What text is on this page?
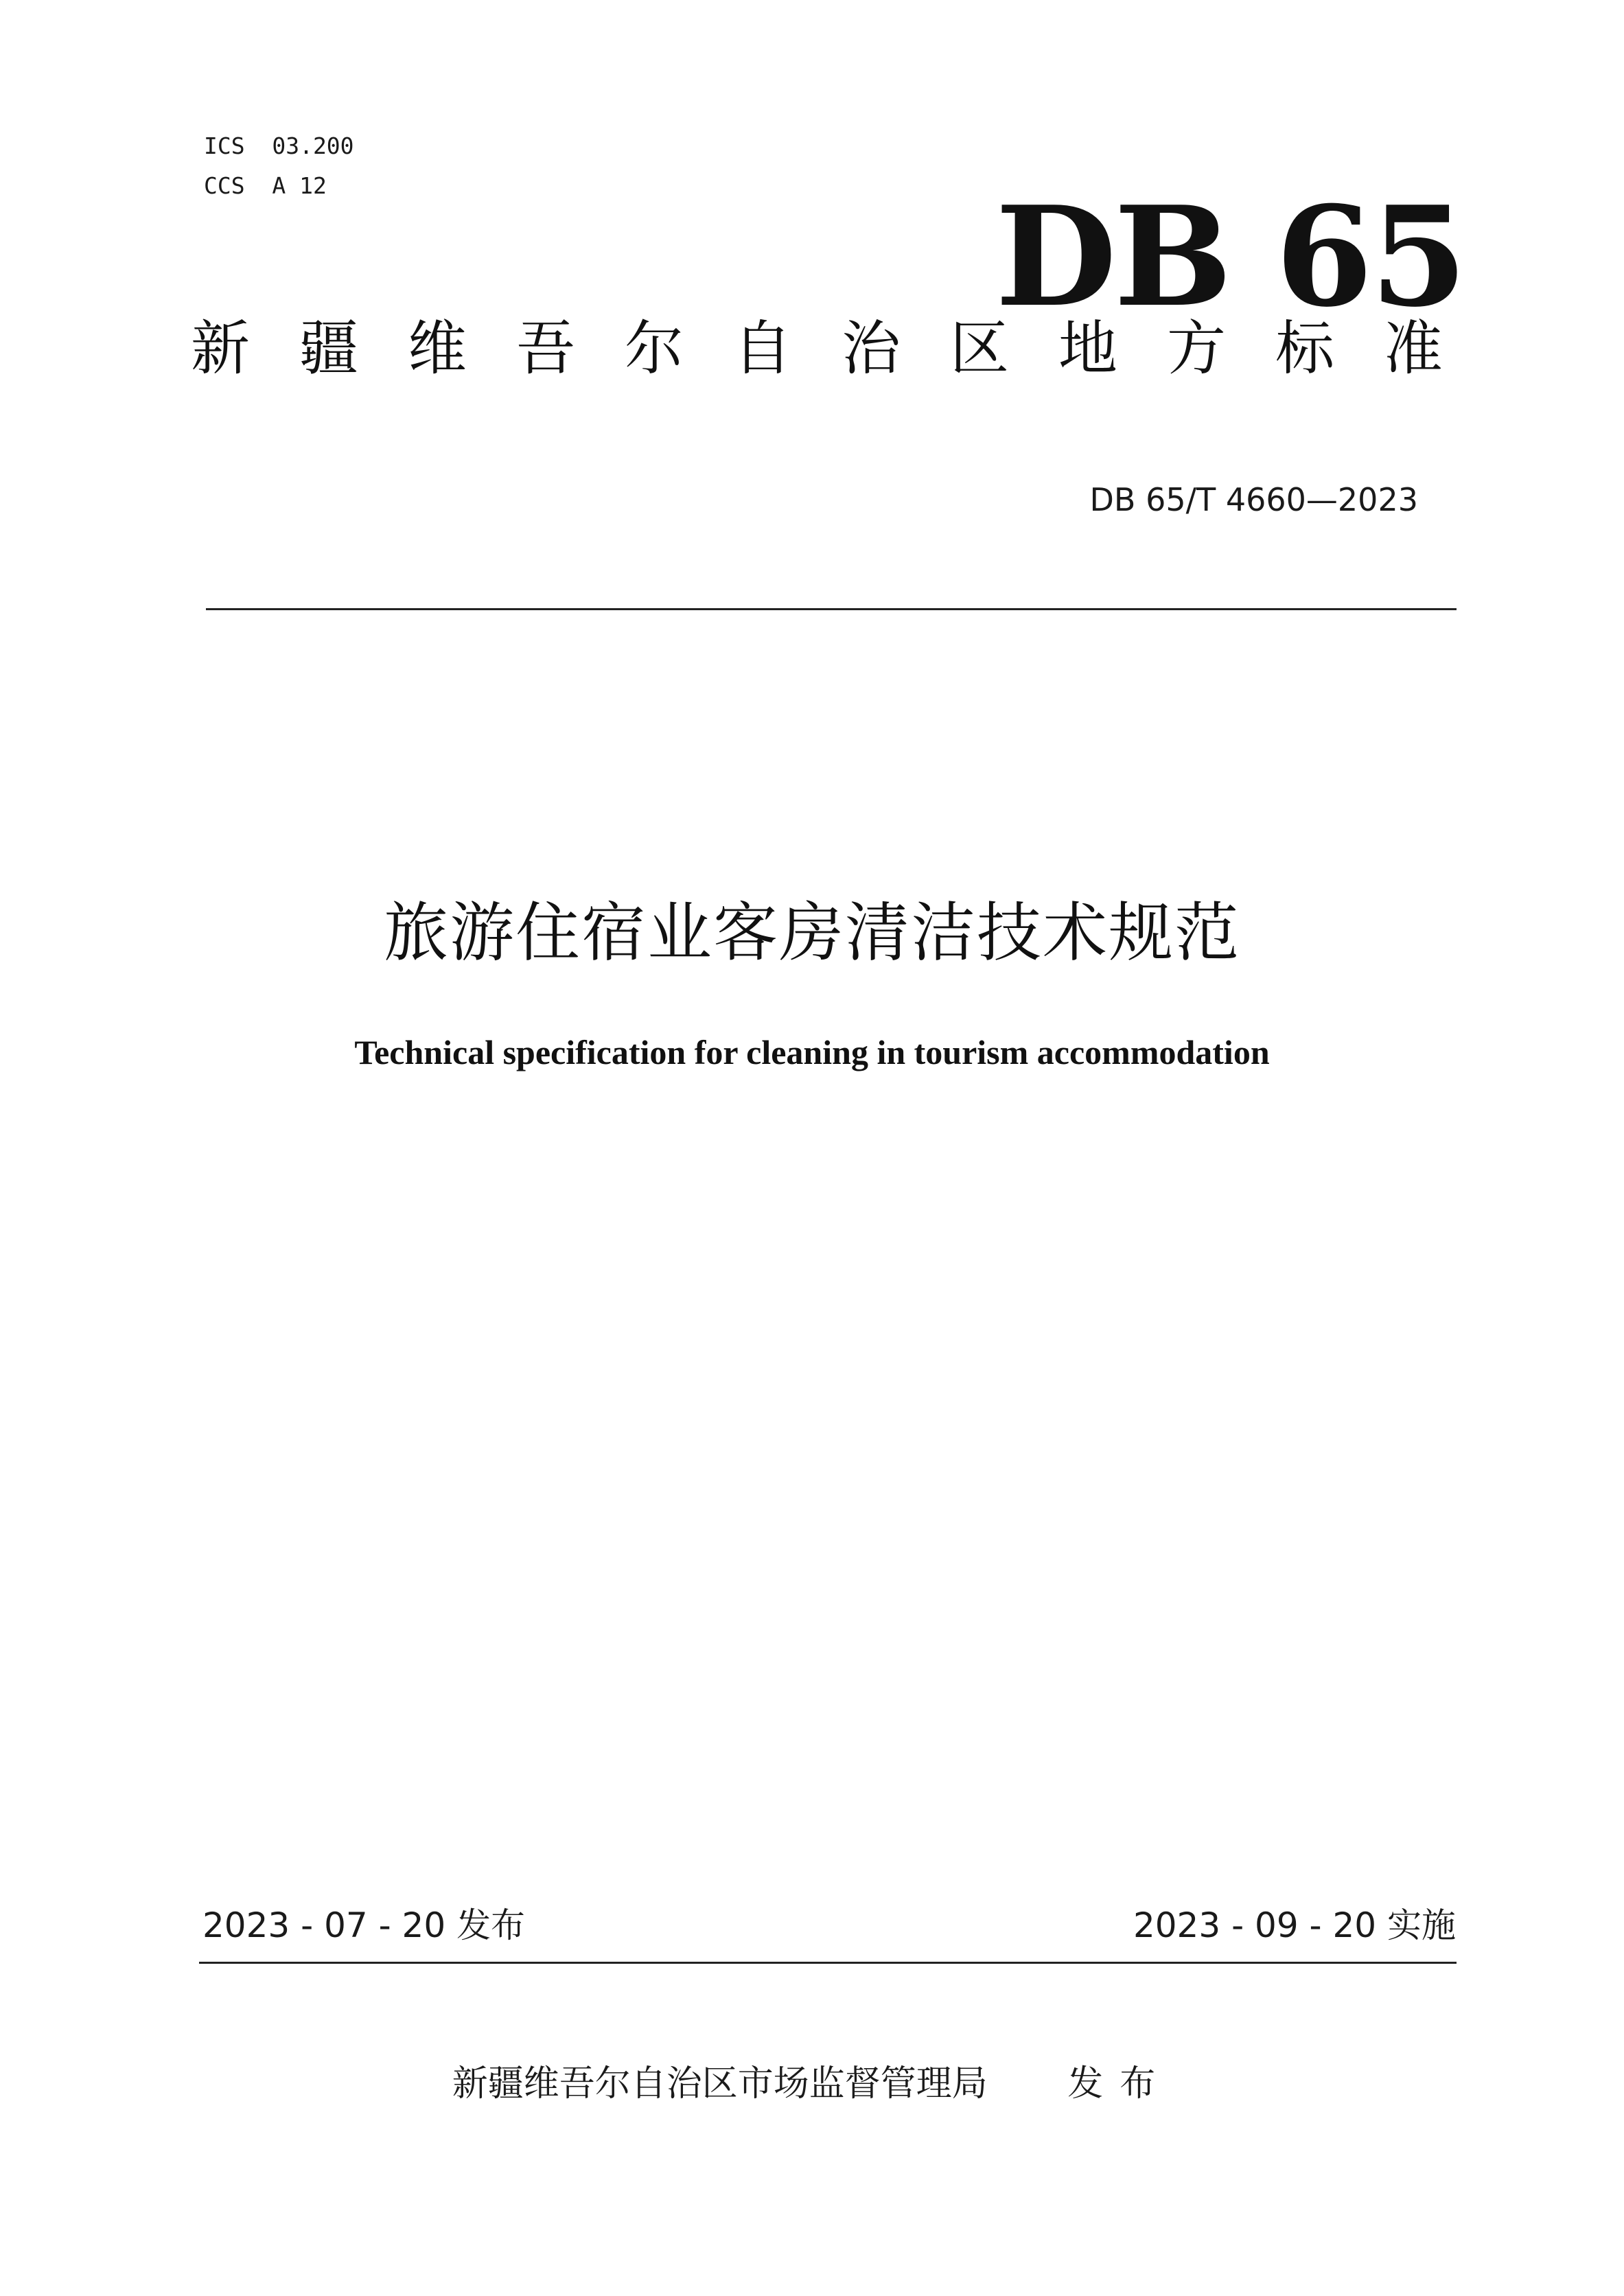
ICS  03.200
CCS  A 12	DB 65
新疆维吾尔自治区地方标准
DB 65/T 4660—2023
旅游住宿业客房清洁技术规范
Technical specification for cleaning in tourism accommodation
2023 - 07 - 20 发布	2023 - 09 - 20 实施
新疆维吾尔自治区市场监督管理局 发布
